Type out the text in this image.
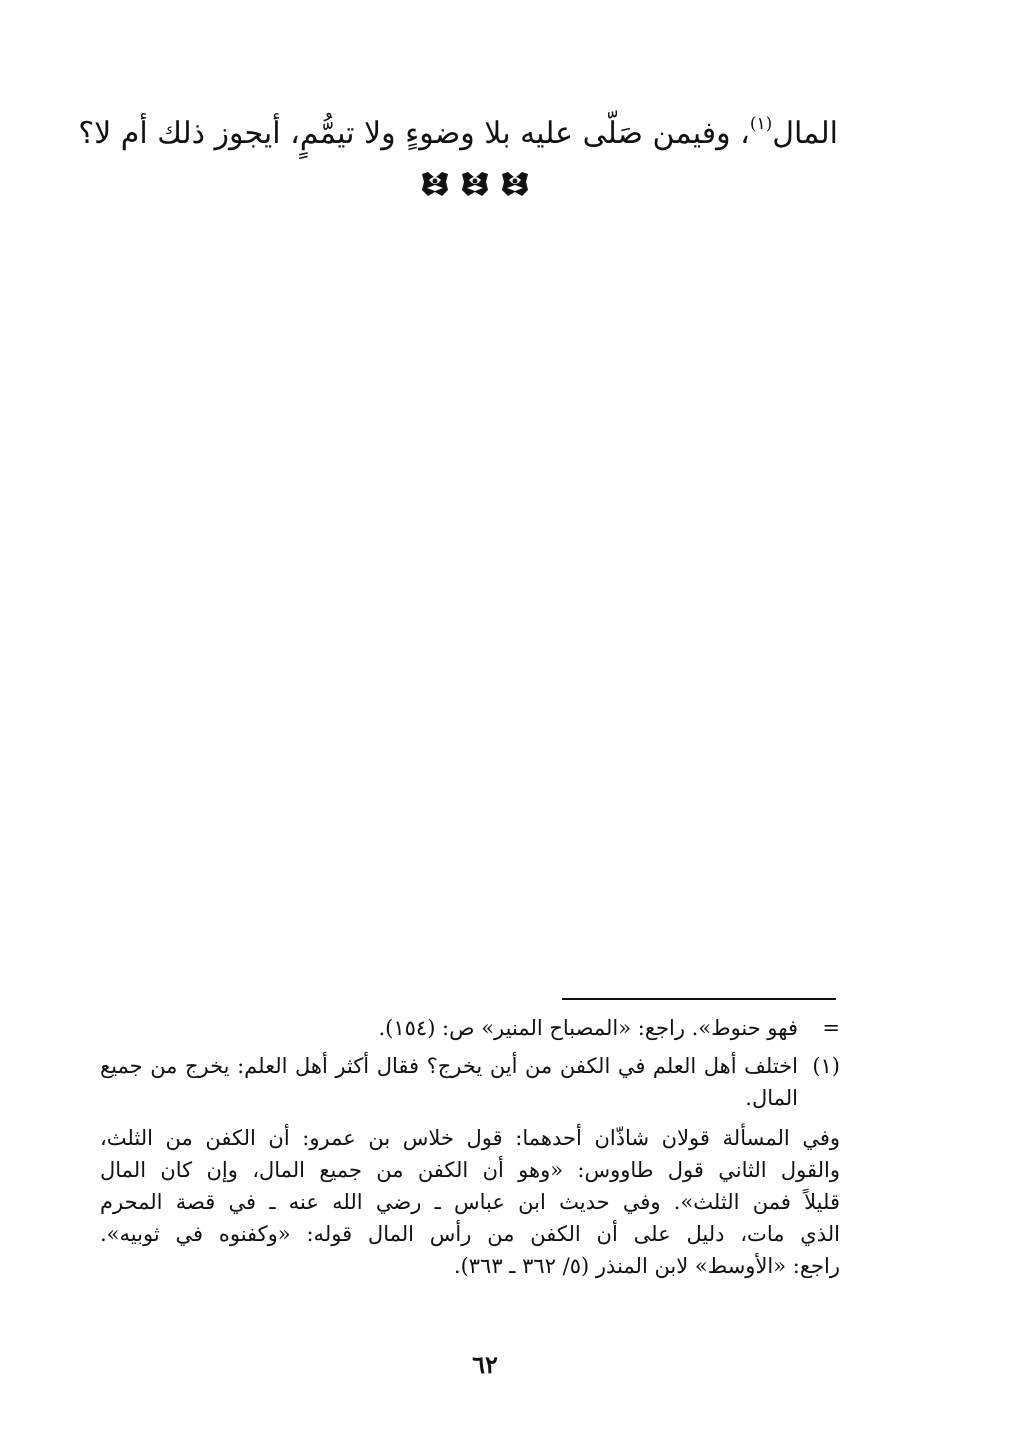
المال$^{(١)}$، وفيمن صَلّى عليه بلا وضوءٍ ولا تيمُّمٍ، أيجوز ذلك أم لا؟
=
فهو حنوط». راجع: «المصباح المنير» ص: (١٥٤).
(١)
اختلف أهل العلم في الكفن من أين يخرج؟ فقال أكثر أهل العلم: يخرج من جميع المال.
وفي المسألة قولان شاذّان أحدهما: قول خلاس بن عمرو: أن الكفن من الثلث،
والقول الثاني قول طاووس: «وهو أن الكفن من جميع المال، وإن كان المال
قليلاً فمن الثلث». وفي حديث ابن عباس ـ رضي الله عنه ـ في قصة المحرم
الذي مات، دليل على أن الكفن من رأس المال قوله: «وكفنوه في ثوبيه».
راجع: «الأوسط» لابن المنذر (٥/ ٣٦٢ ـ ٣٦٣).
٦٢
